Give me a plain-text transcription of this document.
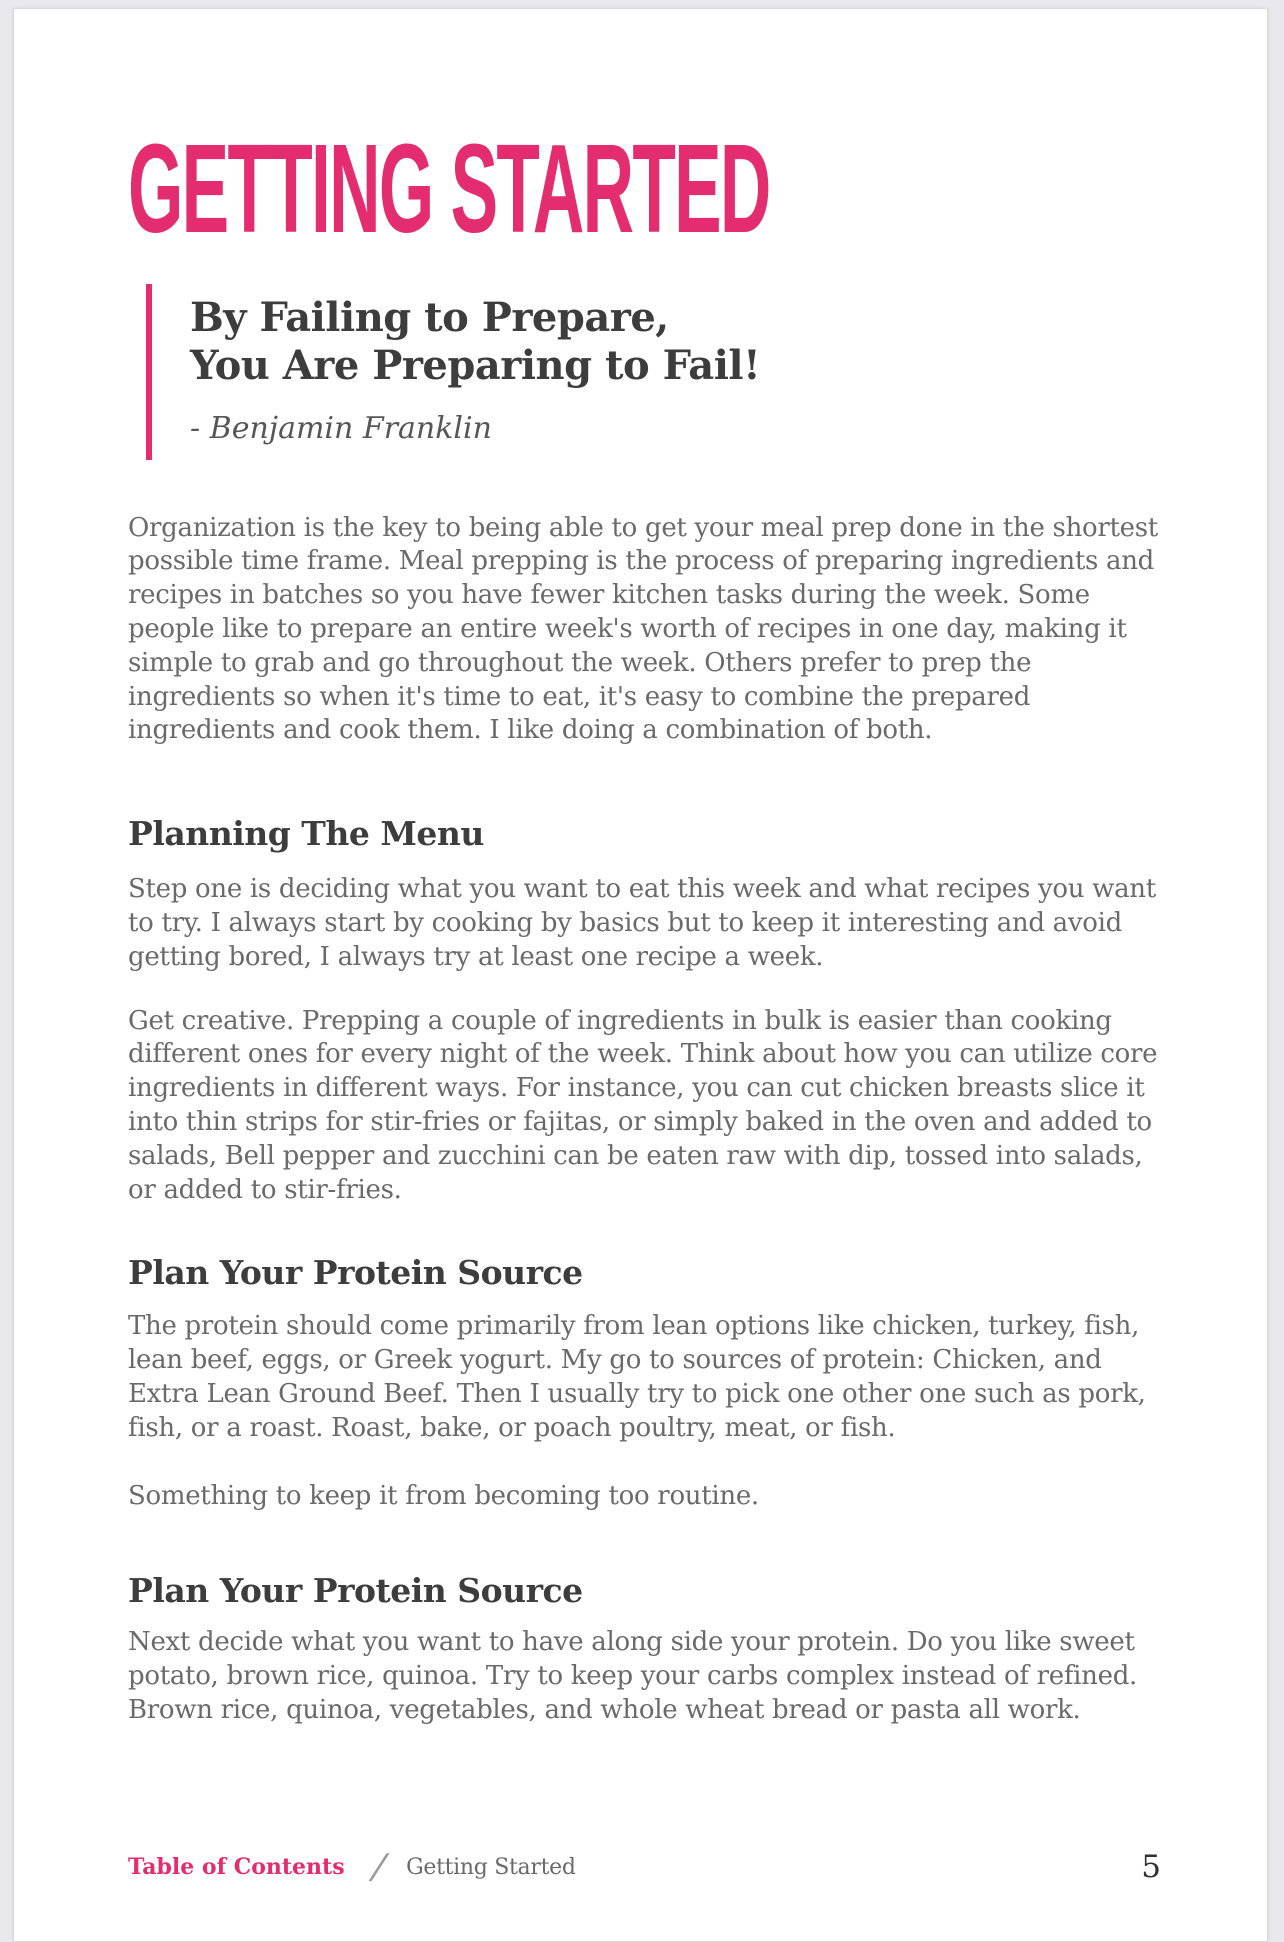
GETTING STARTED
By Failing to Prepare,
You Are Preparing to Fail!
- Benjamin Franklin

Organization is the key to being able to get your meal prep done in the shortest possible time frame. Meal prepping is the process of preparing ingredients and recipes in batches so you have fewer kitchen tasks during the week. Some people like to prepare an entire week's worth of recipes in one day, making it simple to grab and go throughout the week. Others prefer to prep the ingredients so when it's time to eat, it's easy to combine the prepared ingredients and cook them. I like doing a combination of both.

Planning The Menu

Step one is deciding what you want to eat this week and what recipes you want to try. I always start by cooking by basics but to keep it interesting and avoid getting bored, I always try at least one recipe a week.

Get creative. Prepping a couple of ingredients in bulk is easier than cooking different ones for every night of the week. Think about how you can utilize core ingredients in different ways. For instance, you can cut chicken breasts slice it into thin strips for stir-fries or fajitas, or simply baked in the oven and added to salads, Bell pepper and zucchini can be eaten raw with dip, tossed into salads, or added to stir-fries.

Plan Your Protein Source

The protein should come primarily from lean options like chicken, turkey, fish, lean beef, eggs, or Greek yogurt. My go to sources of protein: Chicken, and Extra Lean Ground Beef. Then I usually try to pick one other one such as pork, fish, or a roast. Roast, bake, or poach poultry, meat, or fish.

Something to keep it from becoming too routine.

Plan Your Protein Source

Next decide what you want to have along side your protein. Do you like sweet potato, brown rice, quinoa. Try to keep your carbs complex instead of refined. Brown rice, quinoa, vegetables, and whole wheat bread or pasta all work.

Table of Contents / Getting Started	5
